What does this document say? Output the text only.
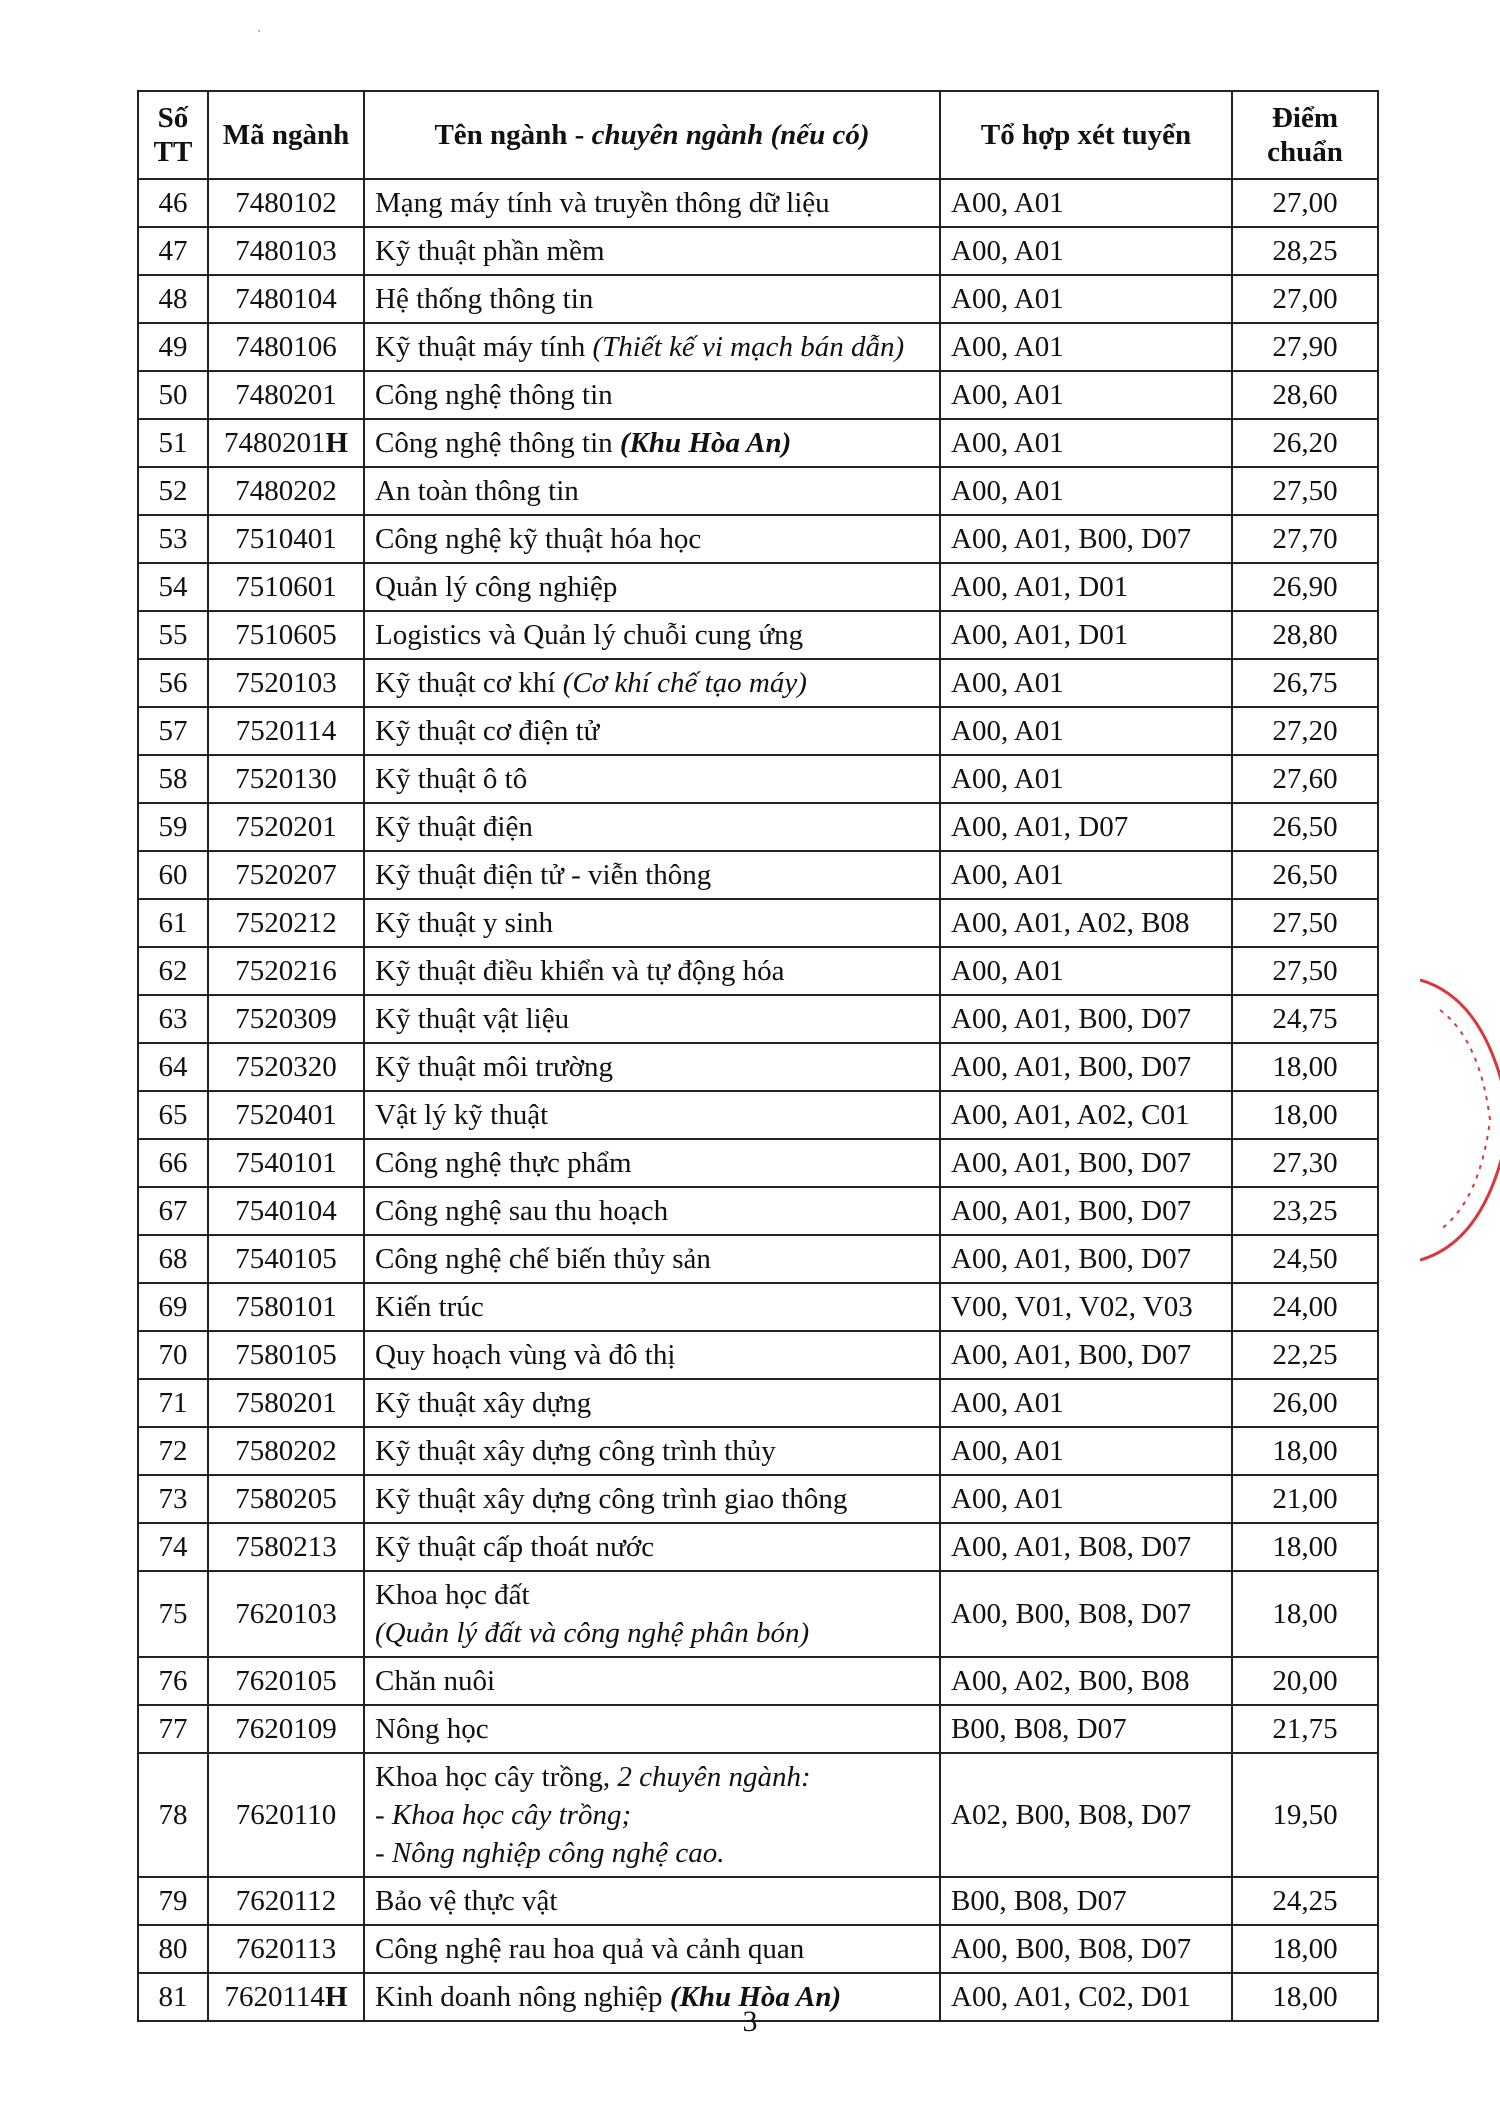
Số TT	Mã ngành	Tên ngành - chuyên ngành (nếu có)	Tổ hợp xét tuyển	Điểm chuẩn
46	7480102	Mạng máy tính và truyền thông dữ liệu	A00, A01	27,00
47	7480103	Kỹ thuật phần mềm	A00, A01	28,25
48	7480104	Hệ thống thông tin	A00, A01	27,00
49	7480106	Kỹ thuật máy tính (Thiết kế vi mạch bán dẫn)	A00, A01	27,90
50	7480201	Công nghệ thông tin	A00, A01	28,60
51	7480201H	Công nghệ thông tin (Khu Hòa An)	A00, A01	26,20
52	7480202	An toàn thông tin	A00, A01	27,50
53	7510401	Công nghệ kỹ thuật hóa học	A00, A01, B00, D07	27,70
54	7510601	Quản lý công nghiệp	A00, A01, D01	26,90
55	7510605	Logistics và Quản lý chuỗi cung ứng	A00, A01, D01	28,80
56	7520103	Kỹ thuật cơ khí (Cơ khí chế tạo máy)	A00, A01	26,75
57	7520114	Kỹ thuật cơ điện tử	A00, A01	27,20
58	7520130	Kỹ thuật ô tô	A00, A01	27,60
59	7520201	Kỹ thuật điện	A00, A01, D07	26,50
60	7520207	Kỹ thuật điện tử - viễn thông	A00, A01	26,50
61	7520212	Kỹ thuật y sinh	A00, A01, A02, B08	27,50
62	7520216	Kỹ thuật điều khiển và tự động hóa	A00, A01	27,50
63	7520309	Kỹ thuật vật liệu	A00, A01, B00, D07	24,75
64	7520320	Kỹ thuật môi trường	A00, A01, B00, D07	18,00
65	7520401	Vật lý kỹ thuật	A00, A01, A02, C01	18,00
66	7540101	Công nghệ thực phẩm	A00, A01, B00, D07	27,30
67	7540104	Công nghệ sau thu hoạch	A00, A01, B00, D07	23,25
68	7540105	Công nghệ chế biến thủy sản	A00, A01, B00, D07	24,50
69	7580101	Kiến trúc	V00, V01, V02, V03	24,00
70	7580105	Quy hoạch vùng và đô thị	A00, A01, B00, D07	22,25
71	7580201	Kỹ thuật xây dựng	A00, A01	26,00
72	7580202	Kỹ thuật xây dựng công trình thủy	A00, A01	18,00
73	7580205	Kỹ thuật xây dựng công trình giao thông	A00, A01	21,00
74	7580213	Kỹ thuật cấp thoát nước	A00, A01, B08, D07	18,00
75	7620103	Khoa học đất
(Quản lý đất và công nghệ phân bón)	A00, B00, B08, D07	18,00
76	7620105	Chăn nuôi	A00, A02, B00, B08	20,00
77	7620109	Nông học	B00, B08, D07	21,75
78	7620110	Khoa học cây trồng, 2 chuyên ngành:
- Khoa học cây trồng;
- Nông nghiệp công nghệ cao.	A02, B00, B08, D07	19,50
79	7620112	Bảo vệ thực vật	B00, B08, D07	24,25
80	7620113	Công nghệ rau hoa quả và cảnh quan	A00, B00, B08, D07	18,00
81	7620114H	Kinh doanh nông nghiệp (Khu Hòa An)	A00, A01, C02, D01	18,00
3
